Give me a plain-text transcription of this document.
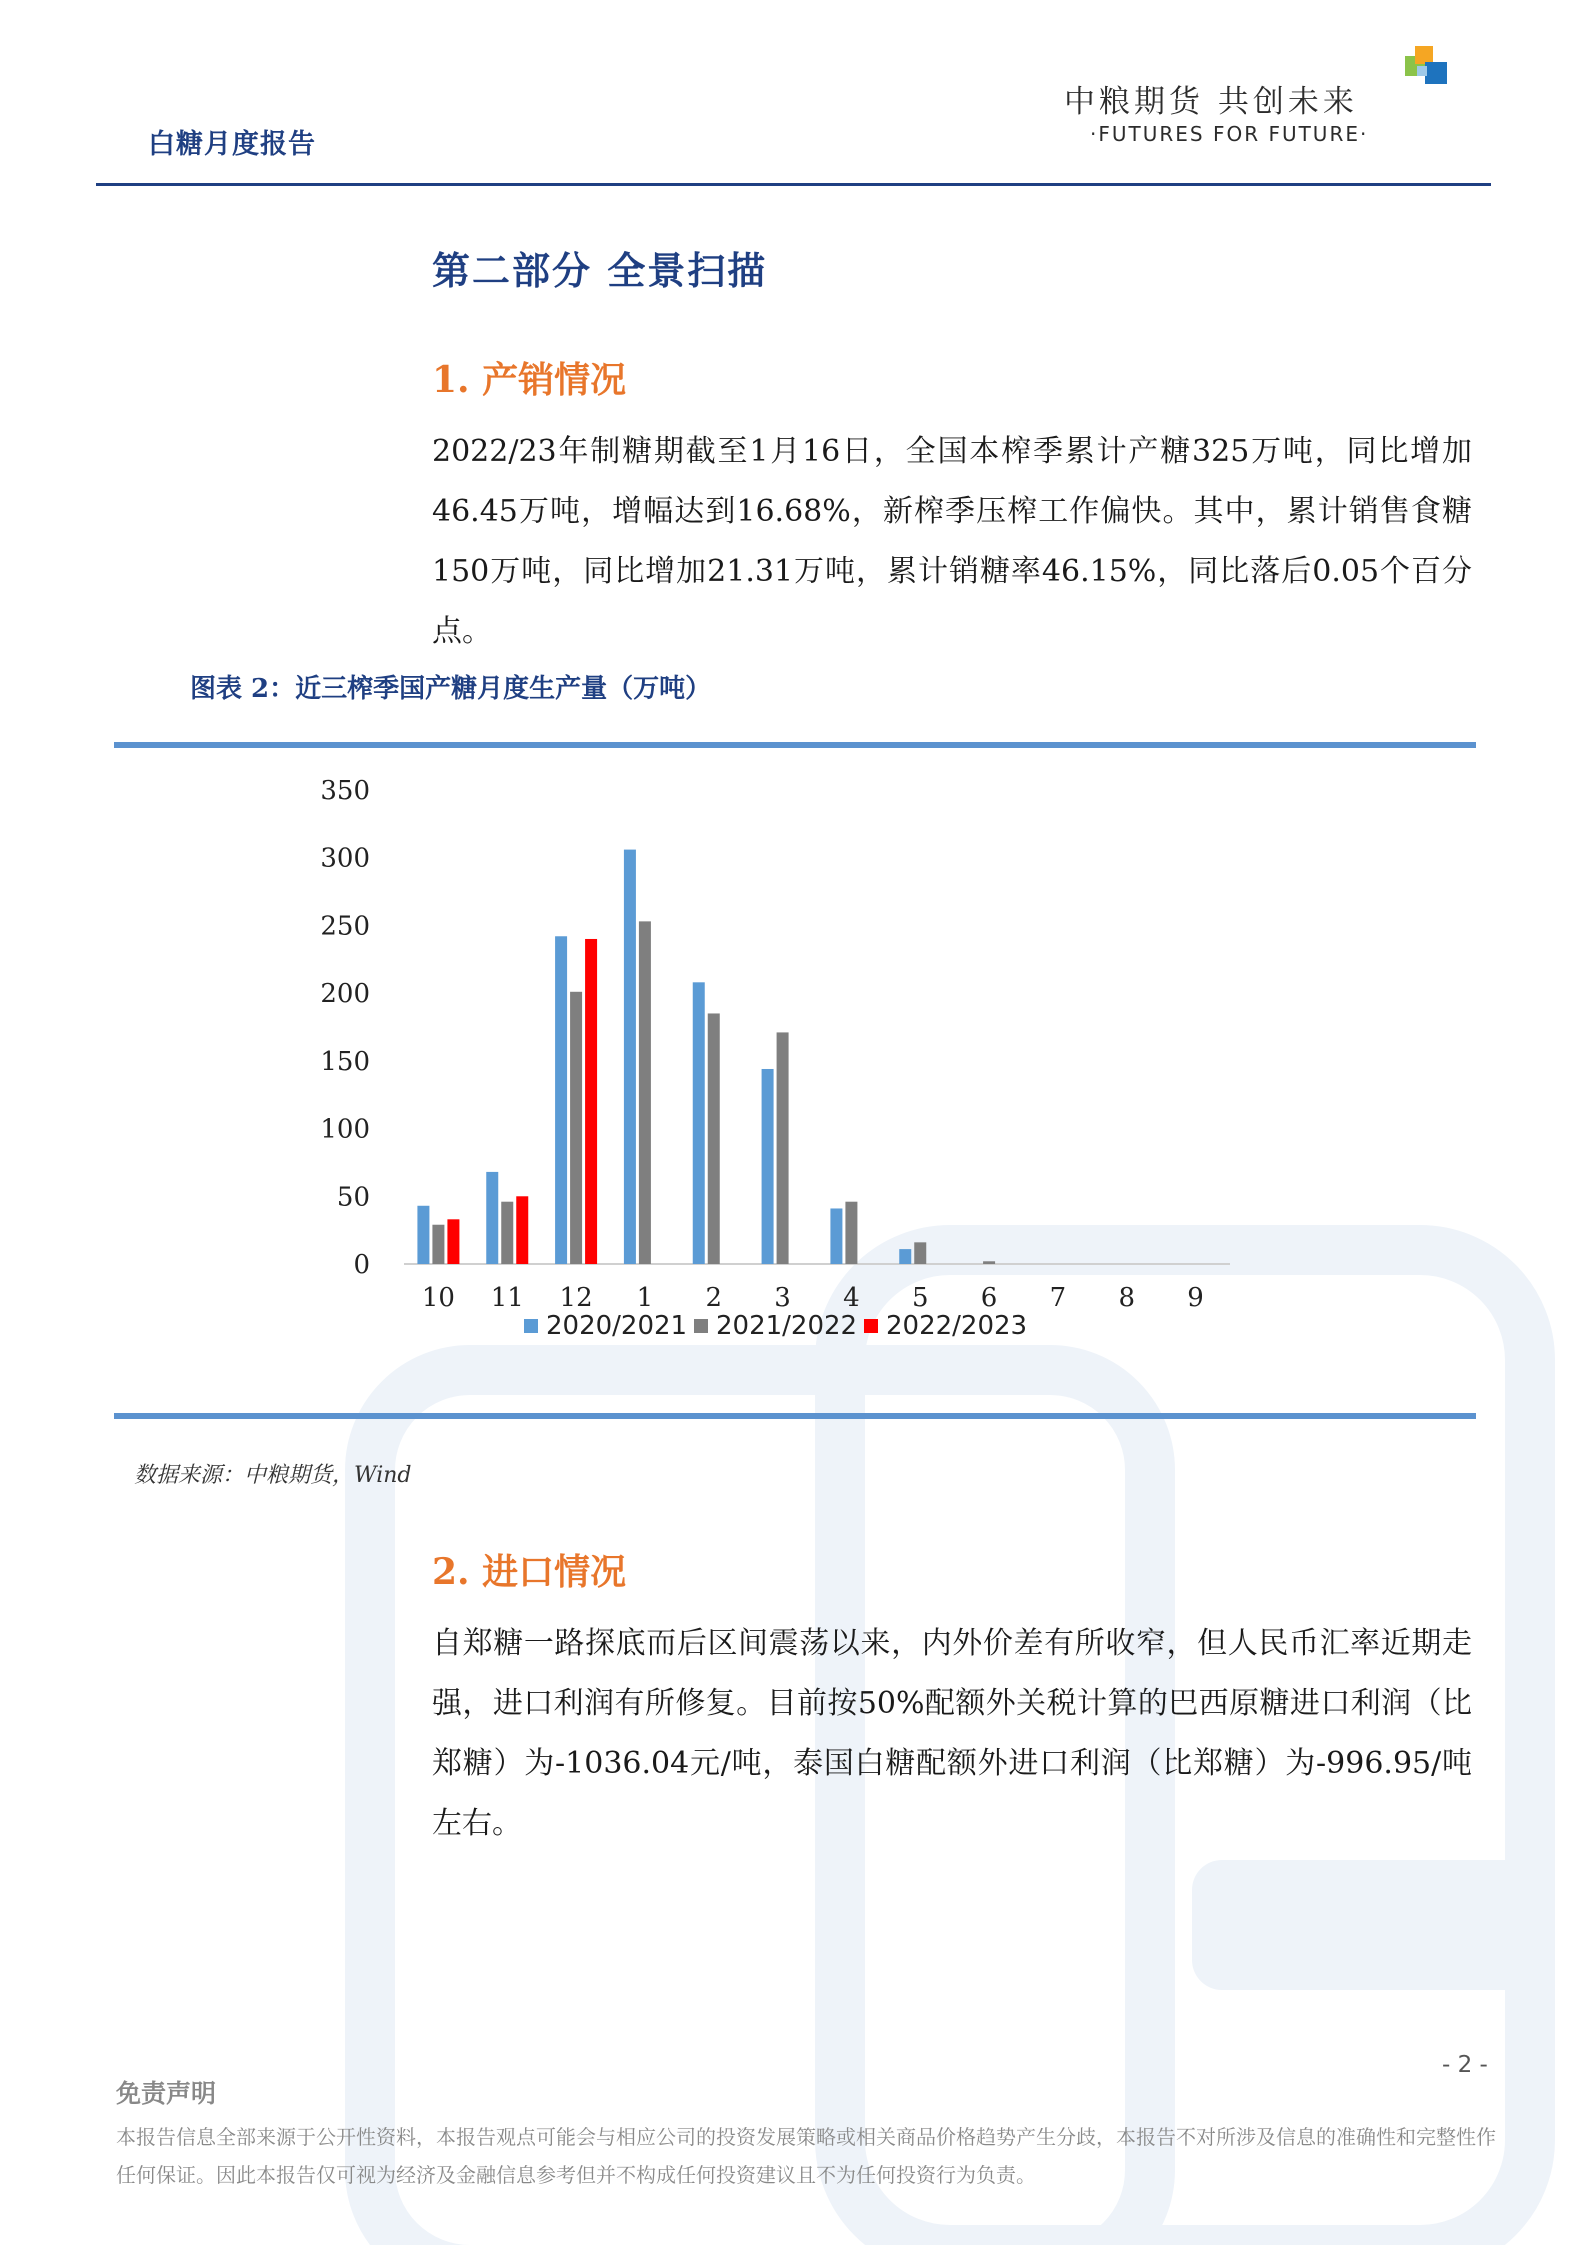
白糖月度报告
中粮期货 共创未来
·FUTURES FOR FUTURE·
第二部分 全景扫描
1. 产销情况
2022/23年制糖期截至1月16日，全国本榨季累计产糖325万吨，同比增加46.45万吨，增幅达到16.68%，新榨季压榨工作偏快。其中，累计销售食糖150万吨，同比增加21.31万吨，累计销糖率46.15%，同比落后0.05个百分点。
图表 2：近三榨季国产糖月度生产量（万吨）
350
300
250
200
150
100
50
0
10 11 12 1 2 3 4 5 6 7 8 9
2020/2021 2021/2022 2022/2023
数据来源：中粮期货，Wind
2. 进口情况
自郑糖一路探底而后区间震荡以来，内外价差有所收窄，但人民币汇率近期走强，进口利润有所修复。目前按50%配额外关税计算的巴西原糖进口利润（比郑糖）为-1036.04元/吨，泰国白糖配额外进口利润（比郑糖）为-996.95/吨左右。
- 2 -
免责声明
本报告信息全部来源于公开性资料，本报告观点可能会与相应公司的投资发展策略或相关商品价格趋势产生分歧，本报告不对所涉及信息的准确性和完整性作任何保证。因此本报告仅可视为经济及金融信息参考但并不构成任何投资建议且不为任何投资行为负责。
